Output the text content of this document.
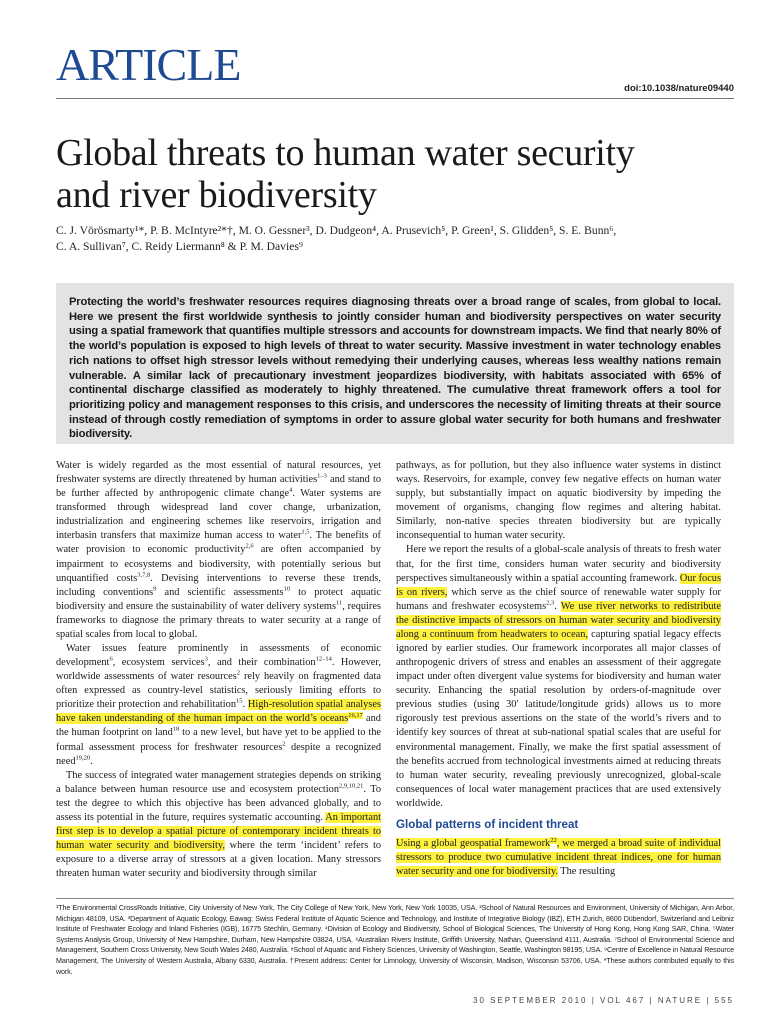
ARTICLE	doi:10.1038/nature09440
Global threats to human water security
and river biodiversity
C. J. Vörösmarty¹*, P. B. McIntyre²*†, M. O. Gessner³, D. Dudgeon⁴, A. Prusevich⁵, P. Green¹, S. Glidden⁵, S. E. Bunn⁶,
C. A. Sullivan⁷, C. Reidy Liermann⁸ & P. M. Davies⁹

Protecting the world’s freshwater resources requires diagnosing threats over a broad range of scales, from global to local. Here we present the first worldwide synthesis to jointly consider human and biodiversity perspectives on water security using a spatial framework that quantifies multiple stressors and accounts for downstream impacts. We find that nearly 80% of the world’s population is exposed to high levels of threat to water security. Massive investment in water technology enables rich nations to offset high stressor levels without remedying their underlying causes, whereas less wealthy nations remain vulnerable. A similar lack of precautionary investment jeopardizes biodiversity, with habitats associated with 65% of continental discharge classified as moderately to highly threatened. The cumulative threat framework offers a tool for prioritizing policy and management responses to this crisis, and underscores the necessity of limiting threats at their source instead of through costly remediation of symptoms in order to assure global water security for both humans and freshwater biodiversity.

Water is widely regarded as the most essential of natural resources, yet freshwater systems are directly threatened by human activities$^{1-3}$ and stand to be further affected by anthropogenic climate change$^4$. Water systems are transformed through widespread land cover change, urbanization, industrialization and engineering schemes like reservoirs, irrigation and interbasin transfers that maximize human access to water$^{1,5}$. The benefits of water provision to economic productivity$^{2,6}$ are often accompanied by impairment to ecosystems and biodiversity, with potentially serious but unquantified costs$^{3,7,8}$. Devising interventions to reverse these trends, including conventions$^9$ and scientific assessments$^{10}$ to protect aquatic biodiversity and ensure the sustainability of water delivery systems$^{11}$, requires frameworks to diagnose the primary threats to water security at a range of spatial scales from local to global.

Water issues feature prominently in assessments of economic development$^6$, ecosystem services$^3$, and their combination$^{12-14}$. However, worldwide assessments of water resources$^2$ rely heavily on fragmented data often expressed as country-level statistics, seriously limiting efforts to prioritize their protection and rehabilitation$^{15}$. High-resolution spatial analyses have taken understanding of the human impact on the world’s oceans$^{16,17}$ and the human footprint on land$^{18}$ to a new level, but have yet to be applied to the formal assessment process for freshwater resources$^2$ despite a recognized need$^{19,20}$.

The success of integrated water management strategies depends on striking a balance between human resource use and ecosystem protection$^{2,9,10,21}$. To test the degree to which this objective has been advanced globally, and to assess its potential in the future, requires systematic accounting. An important first step is to develop a spatial picture of contemporary incident threats to human water security and biodiversity, where the term ‘incident’ refers to exposure to a diverse array of stressors at a given location. Many stressors threaten human water security and biodiversity through similar

pathways, as for pollution, but they also influence water systems in distinct ways. Reservoirs, for example, convey few negative effects on human water supply, but substantially impact on aquatic biodiversity by impeding the movement of organisms, changing flow regimes and altering habitat. Similarly, non-native species threaten biodiversity but are typically inconsequential to human water security.

Here we report the results of a global-scale analysis of threats to fresh water that, for the first time, considers human water security and biodiversity perspectives simultaneously within a spatial accounting framework. Our focus is on rivers, which serve as the chief source of renewable water supply for humans and freshwater ecosystems$^{2,3}$. We use river networks to redistribute the distinctive impacts of stressors on human water security and biodiversity along a continuum from headwaters to ocean, capturing spatial legacy effects ignored by earlier studies. Our framework incorporates all major classes of anthropogenic drivers of stress and enables an assessment of their aggregate impact under often divergent value systems for biodiversity and human water security. Enhancing the spatial resolution by orders-of-magnitude over previous studies (using 30′ latitude/longitude grids) allows us to more rigorously test previous assertions on the state of the world’s rivers and to identify key sources of threat at sub-national spatial scales that are useful for environmental management. Finally, we make the first spatial assessment of the benefits accrued from technological investments aimed at reducing threats to human water security, revealing previously unrecognized, global-scale consequences of local water management practices that are used extensively worldwide.

Global patterns of incident threat

Using a global geospatial framework$^{22}$, we merged a broad suite of individual stressors to produce two cumulative incident threat indices, one for human water security and one for biodiversity. The resulting

¹The Environmental CrossRoads Initiative, City University of New York, The City College of New York, New York, New York 10035, USA. ²School of Natural Resources and Environment, University of Michigan, Ann Arbor, Michigan 48109, USA. ³Department of Aquatic Ecology, Eawag: Swiss Federal Institute of Aquatic Science and Technology, and Institute of Integrative Biology (IBZ), ETH Zurich, 8600 Dübendorf, Switzerland and Leibniz Institute of Freshwater Ecology and Inland Fisheries (IGB), 16775 Stechlin, Germany. ⁴Division of Ecology and Biodiversity, School of Biological Sciences, The University of Hong Kong, Hong Kong SAR, China. ⁵Water Systems Analysis Group, University of New Hampshire, Durham, New Hampshire 03824, USA. ⁶Australian Rivers Institute, Griffith University, Nathan, Queensland 4111, Australia. ⁷School of Environmental Science and Management, Southern Cross University, New South Wales 2480, Australia. ⁸School of Aquatic and Fishery Sciences, University of Washington, Seattle, Washington 98195, USA. ⁹Centre of Excellence in Natural Resource Management, The University of Western Australia, Albany 6330, Australia. †Present address: Center for Limnology, University of Wisconsin, Madison, Wisconsin 53706, USA. *These authors contributed equally to this work.
30 SEPTEMBER 2010 | VOL 467 | NATURE | 555
